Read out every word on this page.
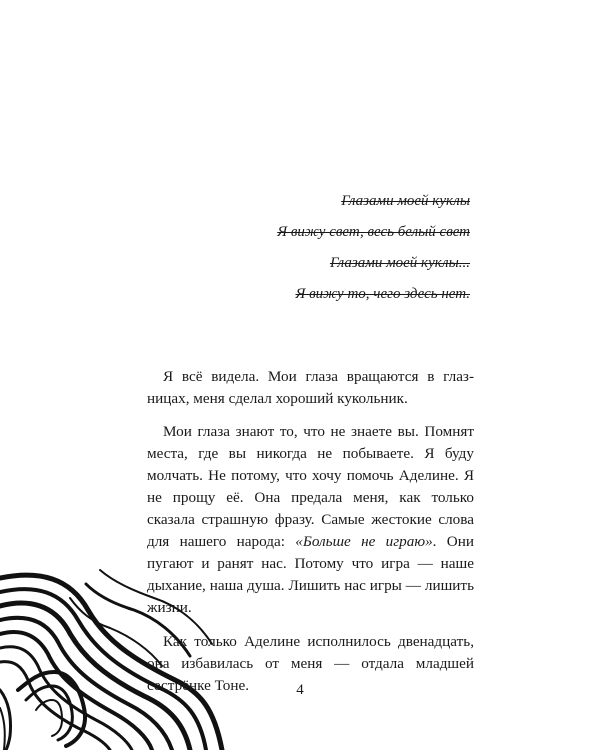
Глазами моей куклы
Я вижу свет, весь белый свет
Глазами моей куклы...
Я вижу то, чего здесь нет.

Я всё видела. Мои глаза вращаются в глазницах, меня сделал хороший кукольник.

Мои глаза знают то, что не знаете вы. Помнят места, где вы никогда не побываете. Я буду молчать. Не потому, что хочу помочь Аделине. Я не прощу её. Она предала меня, как только сказала страшную фразу. Самые жестокие слова для нашего народа: «Больше не играю». Они пугают и ранят нас. Потому что игра — наше дыхание, наша душа. Лишить нас игры — лишить жизни.

Как только Аделине исполнилось двенадцать, она избавилась от меня — отдала младшей сестрёнке Тоне.	4
